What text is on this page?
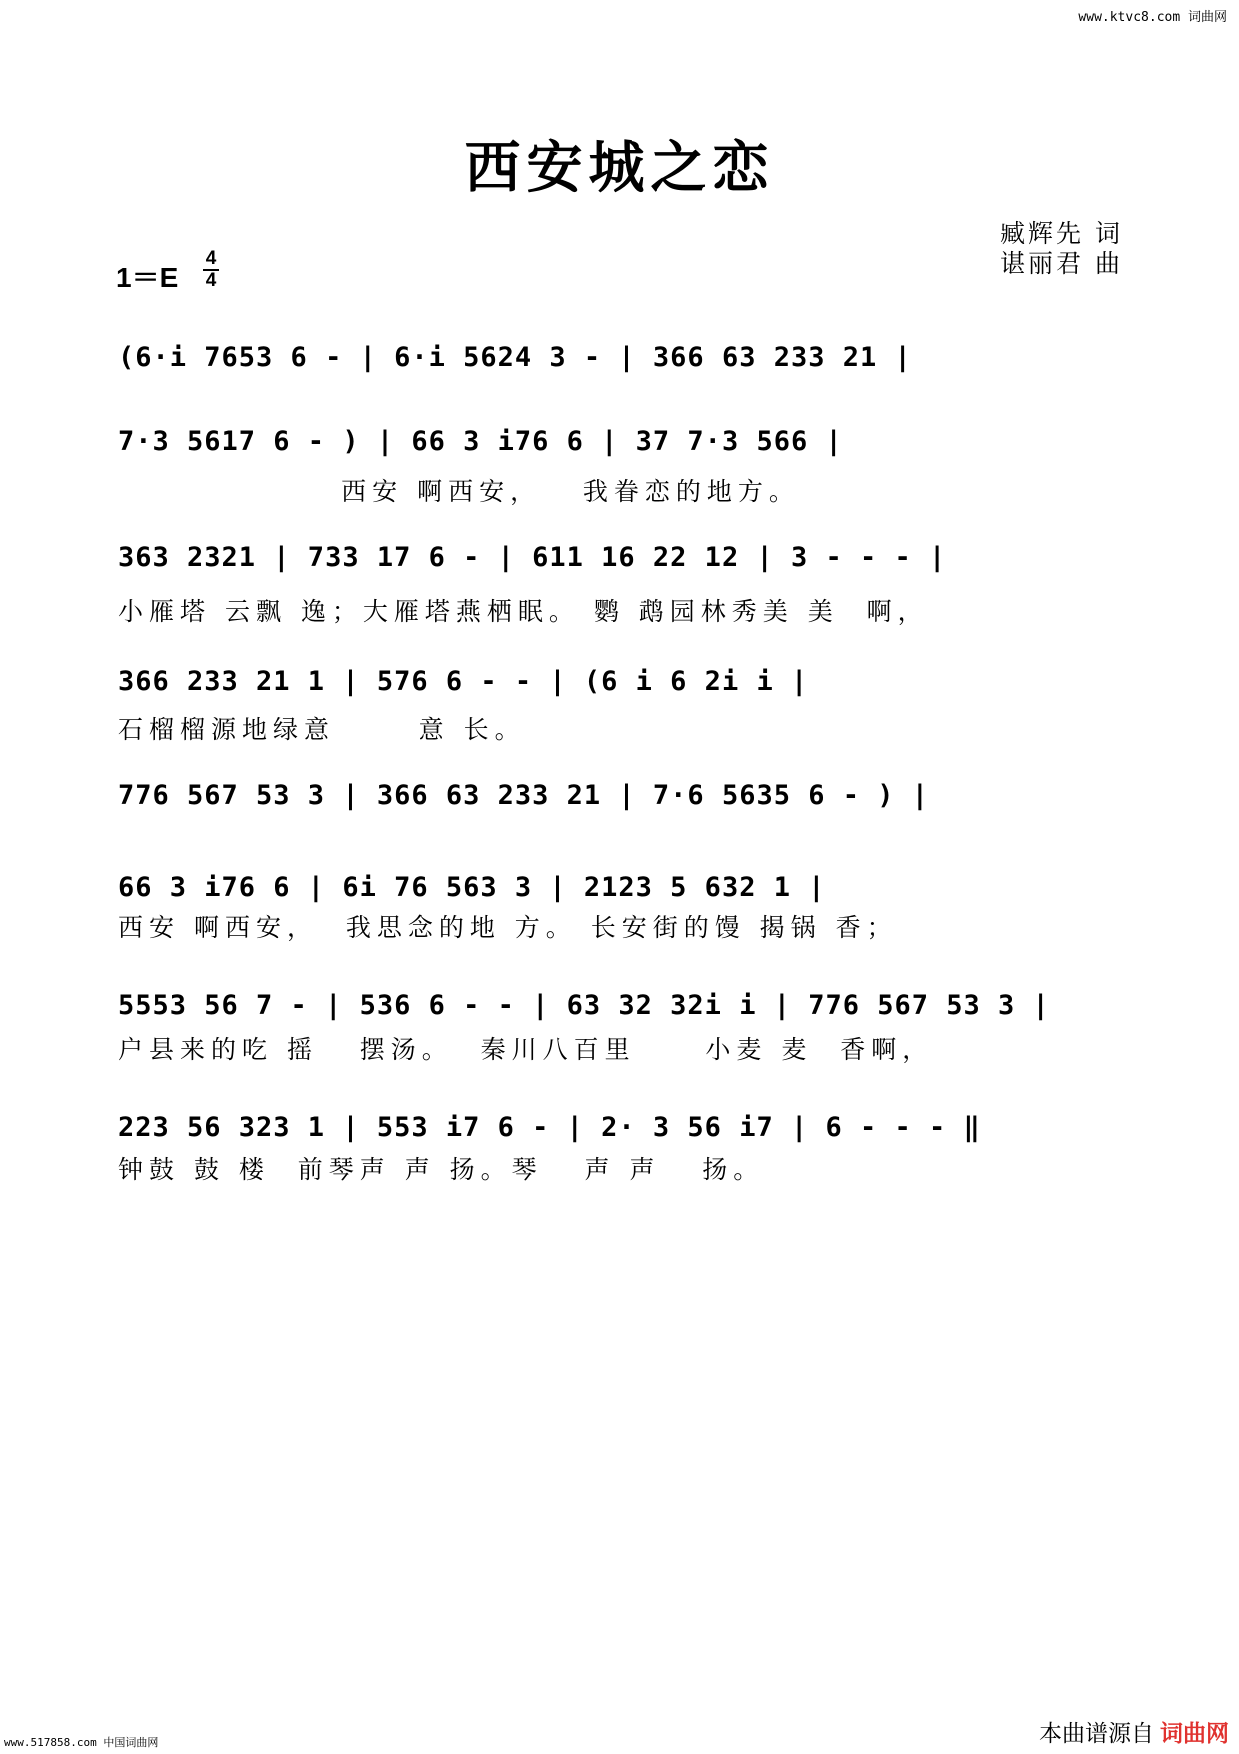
www.ktvc8.com 词曲网
西安城之恋
1＝E
4
4
臧辉先 词
谌丽君 曲
(6·i 7653 6 - | 6·i 5624 3 - | 366 63 233 21 |
7·3 5617 6 - ) | 66 3 i76 6 | 37 7·3 566 |
西安 啊西安，   我眷恋的地方。
363 2321 | 733 17 6 - | 611 16 22 12 | 3 - - - |
小雁塔 云飘 逸；大雁塔燕栖眠。 鹦 鹉园林秀美 美  啊，
366 233 21 1 | 576 6 - - | (6 i 6 2i i |
石榴榴源地绿意      意 长。
776 567 53 3 | 366 63 233 21 | 7·6 5635 6 - ) |
66 3 i76 6 | 6i 76 563 3 | 2123 5 632 1 |
西安 啊西安，  我思念的地 方。 长安街的馒 揭锅 香；
5553 56 7 - | 536 6 - - | 63 32 32i i | 776 567 53 3 |
户县来的吃 摇   摆汤。  秦川八百里     小麦 麦  香啊，
223 56 323 1 | 553 i7 6 - | 2· 3 56 i7 | 6 - - - ‖
钟鼓 鼓 楼  前琴声 声 扬。琴   声 声   扬。
www.517858.com 中国词曲网	本曲谱源自 词曲网
